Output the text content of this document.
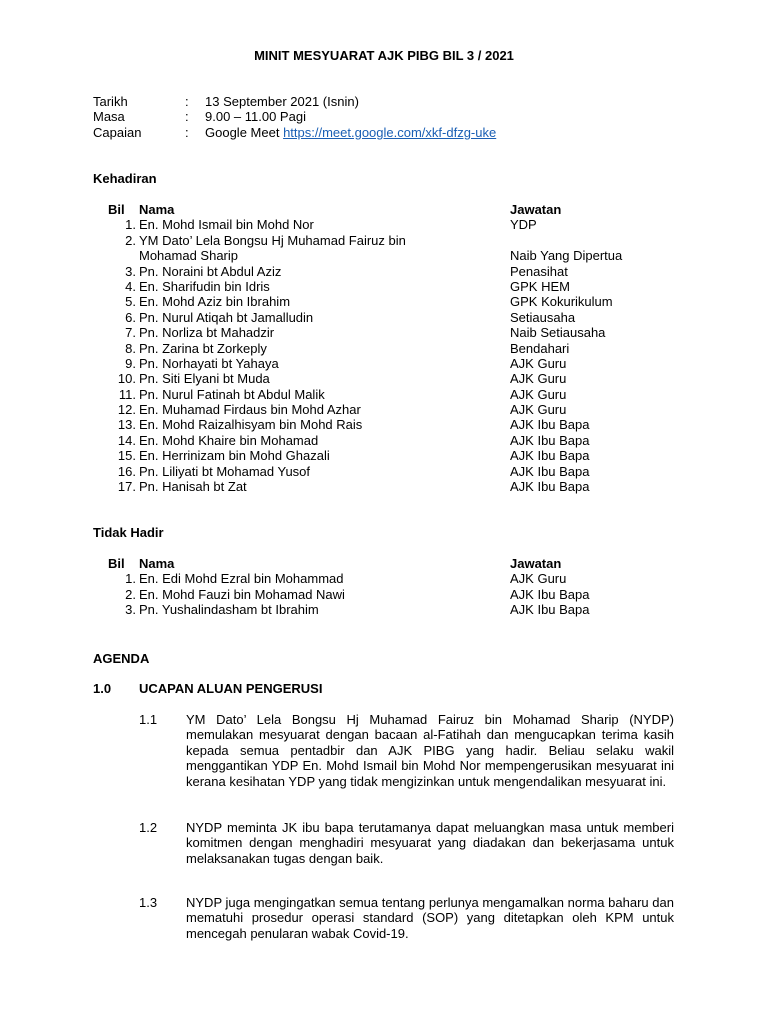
MINIT MESYUARAT AJK PIBG BIL 3 / 2021
Tarikh	: 13 September 2021 (Isnin)
Masa	: 9.00 – 11.00 Pagi
Capaian	: Google Meet https://meet.google.com/xkf-dfzg-uke
Kehadiran
Bil	Nama	Jawatan
1. En. Mohd Ismail bin Mohd Nor	YDP
2. YM Dato’ Lela Bongsu Hj Muhamad Fairuz bin
Mohamad Sharip	Naib Yang Dipertua
3. Pn. Noraini bt Abdul Aziz	Penasihat
4. En. Sharifudin bin Idris	GPK HEM
5. En. Mohd Aziz bin Ibrahim	GPK Kokurikulum
6. Pn. Nurul Atiqah bt Jamalludin	Setiausaha
7. Pn. Norliza bt Mahadzir	Naib Setiausaha
8. Pn. Zarina bt Zorkeply	Bendahari
9. Pn. Norhayati bt Yahaya	AJK Guru
10. Pn. Siti Elyani bt Muda	AJK Guru
11. Pn. Nurul Fatinah bt Abdul Malik	AJK Guru
12. En. Muhamad Firdaus bin Mohd Azhar	AJK Guru
13. En. Mohd Raizalhisyam bin Mohd Rais	AJK Ibu Bapa
14. En. Mohd Khaire bin Mohamad	AJK Ibu Bapa
15. En. Herrinizam bin Mohd Ghazali	AJK Ibu Bapa
16. Pn. Liliyati bt Mohamad Yusof	AJK Ibu Bapa
17. Pn. Hanisah bt Zat	AJK Ibu Bapa
Tidak Hadir
Bil	Nama	Jawatan
1. En. Edi Mohd Ezral bin Mohammad	AJK Guru
2. En. Mohd Fauzi bin Mohamad Nawi	AJK Ibu Bapa
3. Pn. Yushalindasham bt Ibrahim	AJK Ibu Bapa
AGENDA
1.0 UCAPAN ALUAN PENGERUSI
1.1 YM Dato’ Lela Bongsu Hj Muhamad Fairuz bin Mohamad Sharip (NYDP) memulakan mesyuarat dengan bacaan al-Fatihah dan mengucapkan terima kasih kepada semua pentadbir dan AJK PIBG yang hadir. Beliau selaku wakil menggantikan YDP En. Mohd Ismail bin Mohd Nor mempengerusikan mesyuarat ini kerana kesihatan YDP yang tidak mengizinkan untuk mengendalikan mesyuarat ini.
1.2 NYDP meminta JK ibu bapa terutamanya dapat meluangkan masa untuk memberi komitmen dengan menghadiri mesyuarat yang diadakan dan bekerjasama untuk melaksanakan tugas dengan baik.
1.3 NYDP juga mengingatkan semua tentang perlunya mengamalkan norma baharu dan mematuhi prosedur operasi standard (SOP) yang ditetapkan oleh KPM untuk mencegah penularan wabak Covid-19.
